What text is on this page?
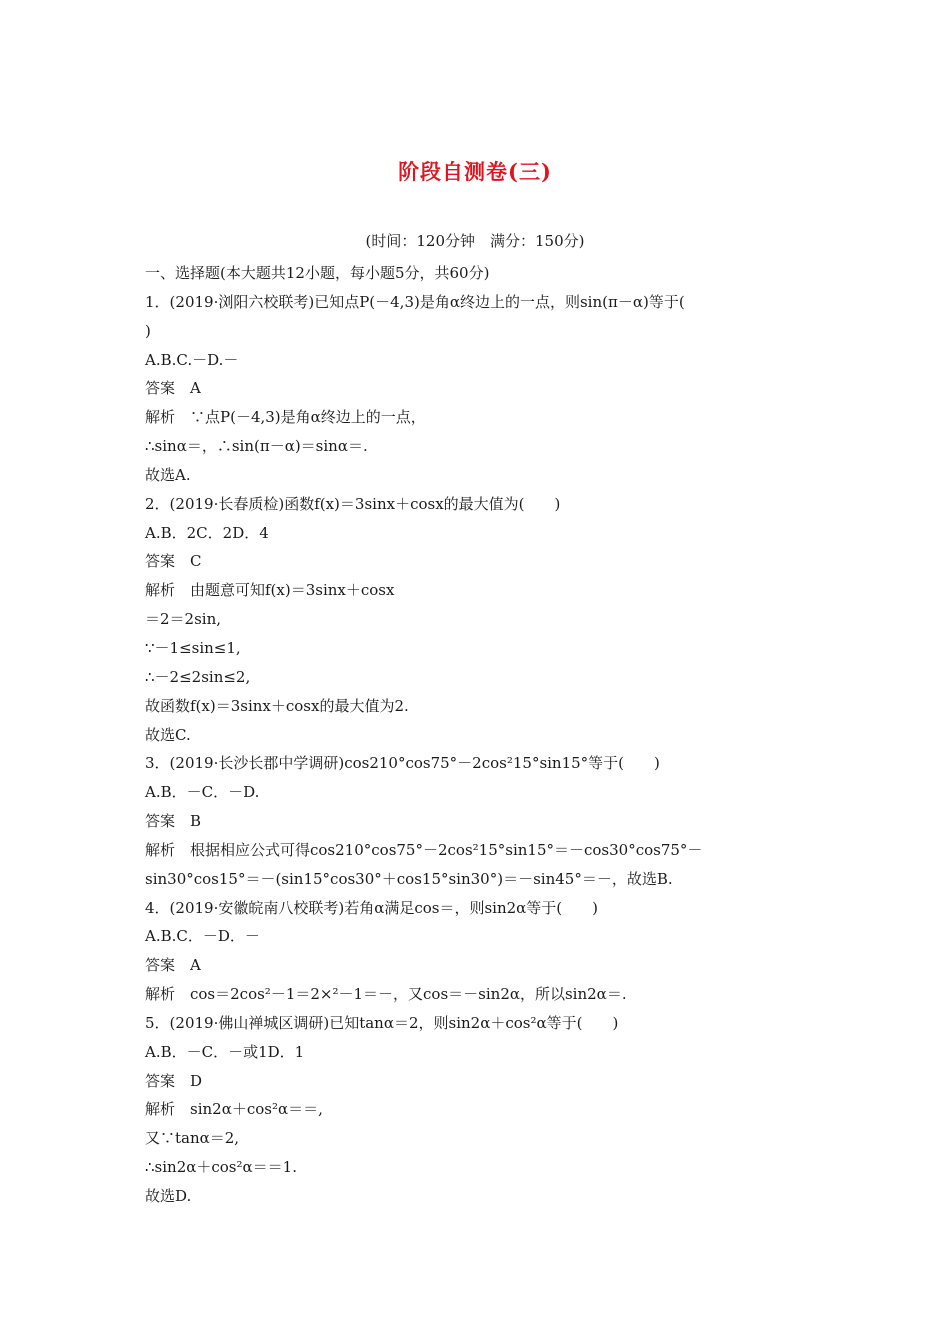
阶段自测卷(三)
(时间：120分钟　满分：150分)
一、选择题(本大题共12小题，每小题5分，共60分)
1．(2019·浏阳六校联考)已知点P(－4,3)是角α终边上的一点，则sin(π－α)等于(
)
A.B.C.－D.－
答案　A
解析　∵点P(－4,3)是角α终边上的一点，
∴sinα＝，∴sin(π－α)＝sinα＝.
故选A.
2．(2019·长春质检)函数f(x)＝3sinx＋cosx的最大值为(　　)
A.B．2C．2D．4
答案　C
解析　由题意可知f(x)＝3sinx＋cosx
＝2＝2sin,
∵－1≤sin≤1,
∴－2≤2sin≤2,
故函数f(x)＝3sinx＋cosx的最大值为2.
故选C.
3．(2019·长沙长郡中学调研)cos210°cos75°－2cos²15°sin15°等于(　　)
A.B．－C．－D.
答案　B
解析　根据相应公式可得cos210°cos75°－2cos²15°sin15°＝－cos30°cos75°－
sin30°cos15°＝－(sin15°cos30°＋cos15°sin30°)＝－sin45°＝－，故选B.
4．(2019·安徽皖南八校联考)若角α满足cos＝，则sin2α等于(　　)
A.B.C．－D．－
答案　A
解析　cos＝2cos²－1＝2×²－1＝－，又cos＝－sin2α，所以sin2α＝.
5．(2019·佛山禅城区调研)已知tanα＝2，则sin2α＋cos²α等于(　　)
A.B．－C．－或1D．1
答案　D
解析　sin2α＋cos²α＝＝,
又∵tanα＝2,
∴sin2α＋cos²α＝＝1.
故选D.
